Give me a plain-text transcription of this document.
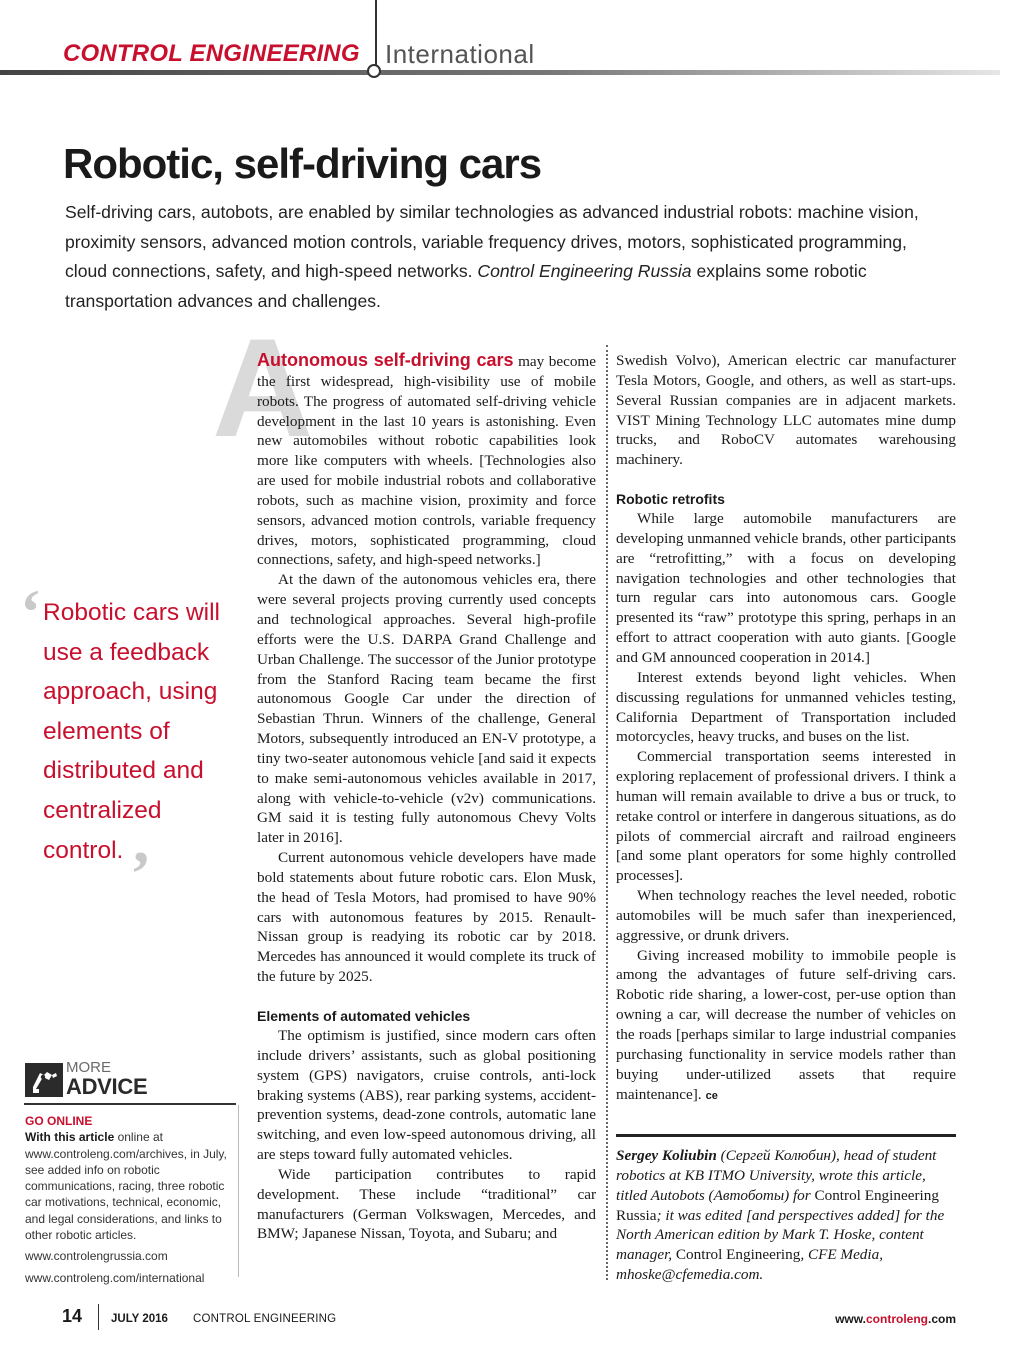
CONTROL ENGINEERING International
Robotic, self-driving cars
Self-driving cars, autobots, are enabled by similar technologies as advanced industrial robots: machine vision, proximity sensors, advanced motion controls, variable frequency drives, motors, sophisticated programming, cloud connections, safety, and high-speed networks. Control Engineering Russia explains some robotic transportation advances and challenges.
A

Autonomous self-driving cars may become the first widespread, high-visibility use of mobile robots. The progress of automated self-driving vehicle development in the last 10 years is astonishing. Even new automobiles without robotic capabilities look more like computers with wheels. [Technologies also are used for mobile industrial robots and collaborative robots, such as machine vision, proximity and force sensors, advanced motion controls, variable frequency drives, motors, sophisticated programming, cloud connections, safety, and high-speed networks.]

At the dawn of the autonomous vehicles era, there were several projects proving currently used concepts and technological approaches. Several high-profile efforts were the U.S. DARPA Grand Challenge and Urban Challenge. The successor of the Junior prototype from the Stanford Racing team became the first autonomous Google Car under the direction of Sebastian Thrun. Winners of the challenge, General Motors, subsequently introduced an EN-V prototype, a tiny two-seater autonomous vehicle [and said it expects to make semi-autonomous vehicles available in 2017, along with vehicle-to-vehicle (v2v) communications. GM said it is testing fully autonomous Chevy Volts later in 2016].

Current autonomous vehicle developers have made bold statements about future robotic cars. Elon Musk, the head of Tesla Motors, had promised to have 90% cars with autonomous features by 2015. Renault-Nissan group is readying its robotic car by 2018. Mercedes has announced it would complete its truck of the future by 2025.

Elements of automated vehicles

The optimism is justified, since modern cars often include drivers’ assistants, such as global positioning system (GPS) navigators, cruise controls, anti-lock braking systems (ABS), rear parking systems, accident-prevention systems, dead-zone controls, automatic lane switching, and even low-speed autonomous driving, all are steps toward fully automated vehicles.

Wide participation contributes to rapid development. These include “traditional” car manufacturers (German Volkswagen, Mercedes, and BMW; Japanese Nissan, Toyota, and Subaru; and

Swedish Volvo), American electric car manufacturer Tesla Motors, Google, and others, as well as start-ups. Several Russian companies are in adjacent markets. VIST Mining Technology LLC automates mine dump trucks, and RoboCV automates warehousing machinery.

Robotic retrofits

While large automobile manufacturers are developing unmanned vehicle brands, other participants are “retrofitting,” with a focus on developing navigation technologies and other technologies that turn regular cars into autonomous cars. Google presented its “raw” prototype this spring, perhaps in an effort to attract cooperation with auto giants. [Google and GM announced cooperation in 2014.]

Interest extends beyond light vehicles. When discussing regulations for unmanned vehicles testing, California Department of Transportation included motorcycles, heavy trucks, and buses on the list.

Commercial transportation seems interested in exploring replacement of professional drivers. I think a human will remain available to drive a bus or truck, to retake control or interfere in dangerous situations, as do pilots of commercial aircraft and railroad engineers [and some plant operators for some highly controlled processes].

When technology reaches the level needed, robotic automobiles will be much safer than inexperienced, aggressive, or drunk drivers.

Giving increased mobility to immobile people is among the advantages of future self-driving cars. Robotic ride sharing, a lower-cost, per-use option than owning a car, will decrease the number of vehicles on the roads [perhaps similar to large industrial companies purchasing functionality in service models rather than buying under-utilized assets that require maintenance]. ce

Sergey Koliubin (Сергей Колюбин), head of student robotics at KB ITMO University, wrote this article, titled Autobots (Автоботы) for Control Engineering Russia; it was edited [and perspectives added] for the North American edition by Mark T. Hoske, content manager, Control Engineering, CFE Media, mhoske@cfemedia.com.
‘ Robotic cars will use a feedback approach, using elements of distributed and centralized control. ’
MORE
ADVICE

GO ONLINE

With this article online at www.controleng.com/archives, in July, see added info on robotic communications, racing, three robotic car motivations, technical, economic, and legal considerations, and links to other robotic articles.

www.controlengrussia.com

www.controleng.com/international

14	JULY 2016 CONTROL ENGINEERING	www.controleng.com
